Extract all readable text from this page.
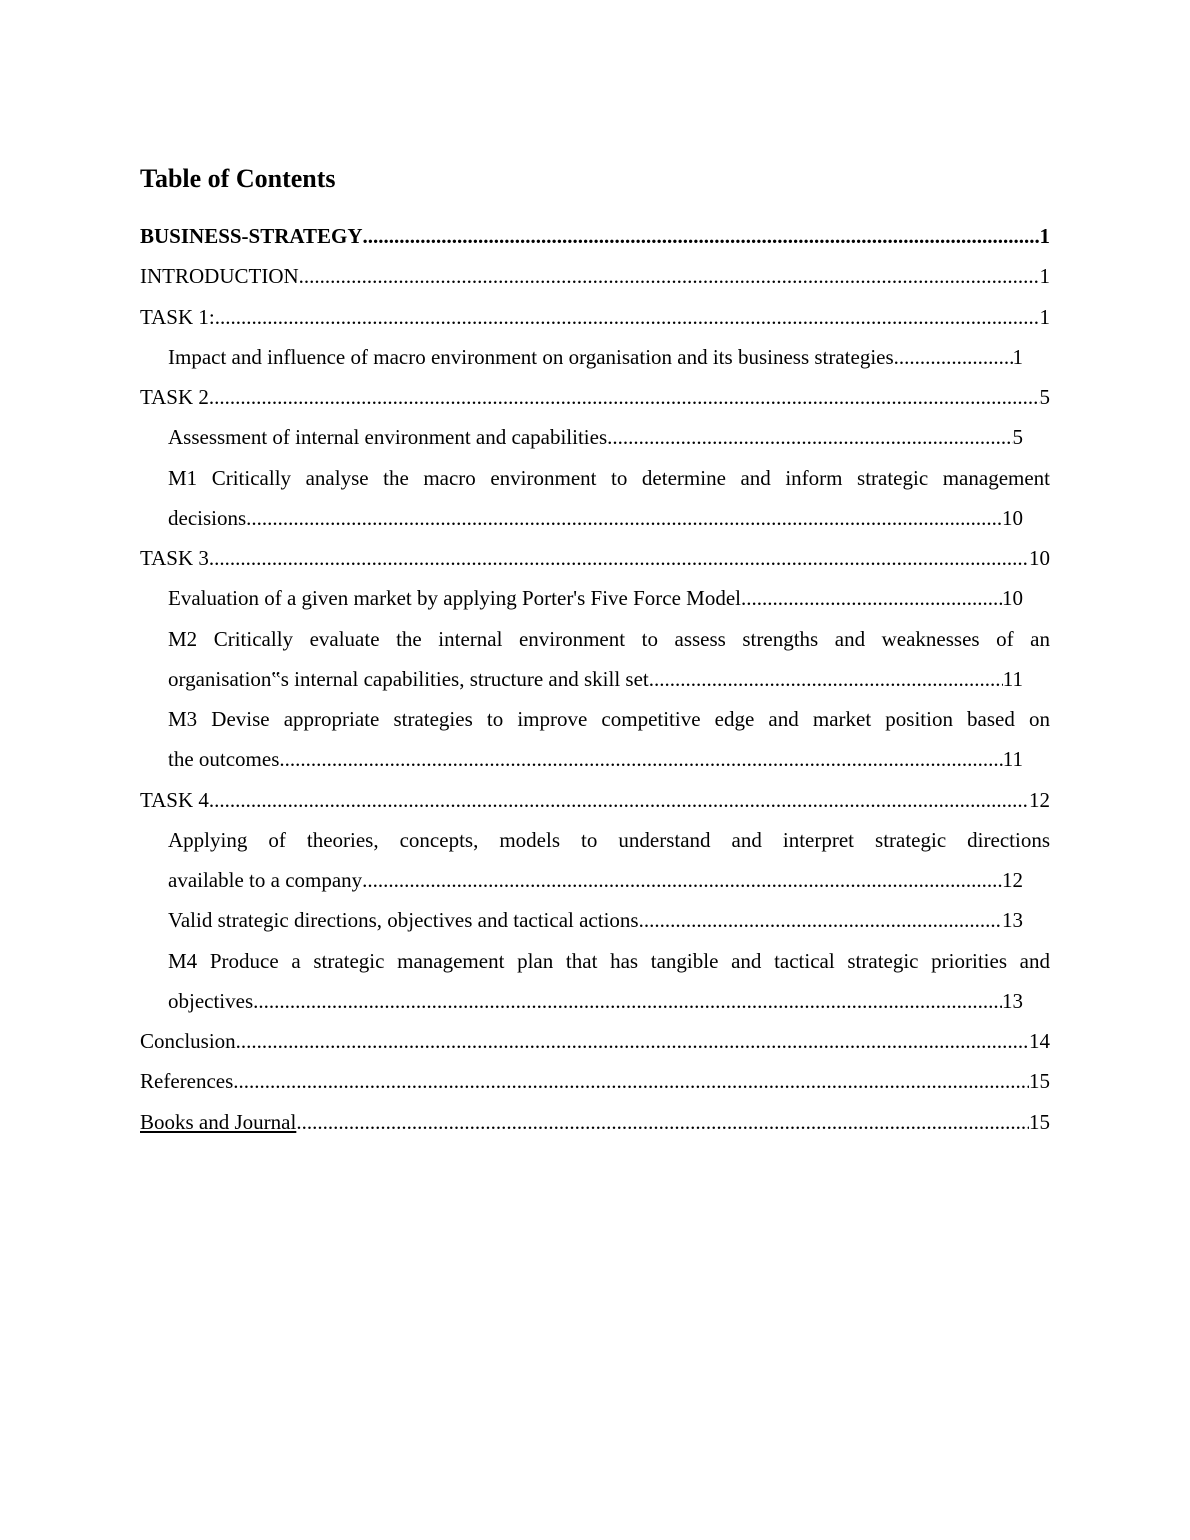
Table of Contents
BUSINESS-STRATEGY .....	1
INTRODUCTION .....	1
TASK 1: .....	1
Impact and influence of macro environment on organisation and its business strategies .....	1
TASK 2 .....	5
Assessment of internal environment and capabilities .....	5
M1 Critically analyse the macro environment to determine and inform strategic management
decisions .....	10
TASK 3 .....	10
Evaluation of a given market by applying Porter's Five Force Model .....	10
M2 Critically evaluate the internal environment to assess strengths and weaknesses of an
organisation‟s internal capabilities, structure and skill set .....	11
M3 Devise appropriate strategies to improve competitive edge and market position based on
the outcomes .....	11
TASK 4 .....	12
Applying of theories, concepts, models to understand and interpret strategic directions
available to a company .....	12
Valid strategic directions, objectives and tactical actions .....	13
M4 Produce a strategic management plan that has tangible and tactical strategic priorities and
objectives .....	13
Conclusion .....	14
References .....	15
Books and Journal .....	15
